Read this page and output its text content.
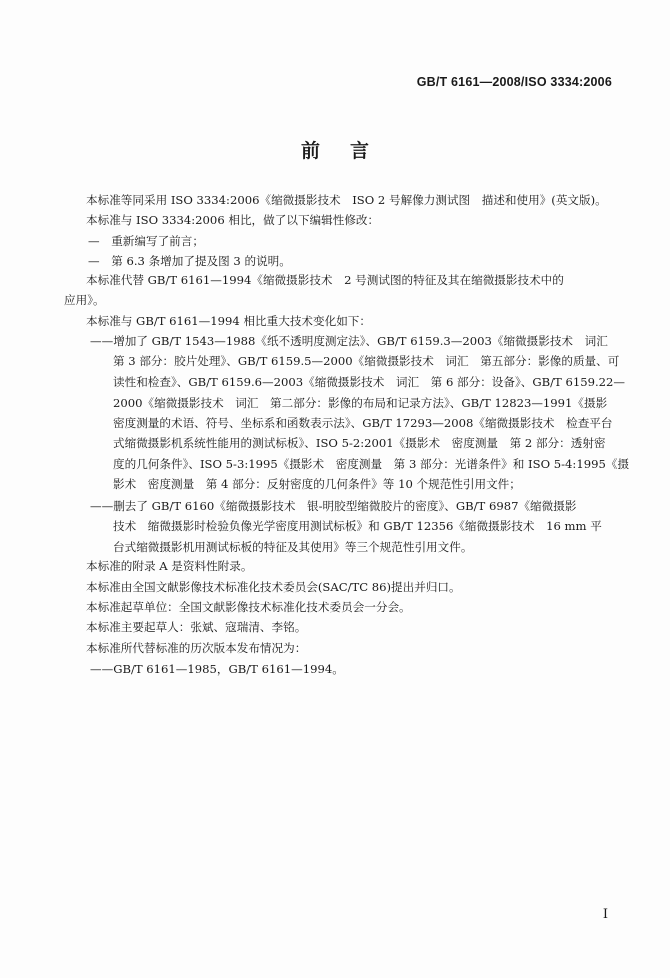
GB/T 6161—2008/ISO 3334:2006
前言
本标准等同采用 ISO 3334:2006《缩微摄影技术　ISO 2 号解像力测试图　描述和使用》(英文版)。
本标准与 ISO 3334:2006 相比，做了以下编辑性修改：
—　重新编写了前言；
—　第 6.3 条增加了提及图 3 的说明。
本标准代替 GB/T 6161—1994《缩微摄影技术　2 号测试图的特征及其在缩微摄影技术中的
应用》。
本标准与 GB/T 6161—1994 相比重大技术变化如下：
——增加了 GB/T 1543—1988《纸不透明度测定法》、GB/T 6159.3—2003《缩微摄影技术　词汇
第 3 部分：胶片处理》、GB/T 6159.5—2000《缩微摄影技术　词汇　第五部分：影像的质量、可
读性和检查》、GB/T 6159.6—2003《缩微摄影技术　词汇　第 6 部分：设备》、GB/T 6159.22—
2000《缩微摄影技术　词汇　第二部分：影像的布局和记录方法》、GB/T 12823—1991《摄影
密度测量的术语、符号、坐标系和函数表示法》、GB/T 17293—2008《缩微摄影技术　检查平台
式缩微摄影机系统性能用的测试标板》、ISO 5-2:2001《摄影术　密度测量　第 2 部分：透射密
度的几何条件》、ISO 5-3:1995《摄影术　密度测量　第 3 部分：光谱条件》和 ISO 5-4:1995《摄
影术　密度测量　第 4 部分：反射密度的几何条件》等 10 个规范性引用文件；
——删去了 GB/T 6160《缩微摄影技术　银-明胶型缩微胶片的密度》、GB/T 6987《缩微摄影
技术　缩微摄影时检验负像光学密度用测试标板》和 GB/T 12356《缩微摄影技术　16 mm 平
台式缩微摄影机用测试标板的特征及其使用》等三个规范性引用文件。
本标准的附录 A 是资料性附录。
本标准由全国文献影像技术标准化技术委员会(SAC/TC 86)提出并归口。
本标准起草单位：全国文献影像技术标准化技术委员会一分会。
本标准主要起草人：张斌、寇瑞清、李铭。
本标准所代替标准的历次版本发布情况为：
——GB/T 6161—1985，GB/T 6161—1994。
I
